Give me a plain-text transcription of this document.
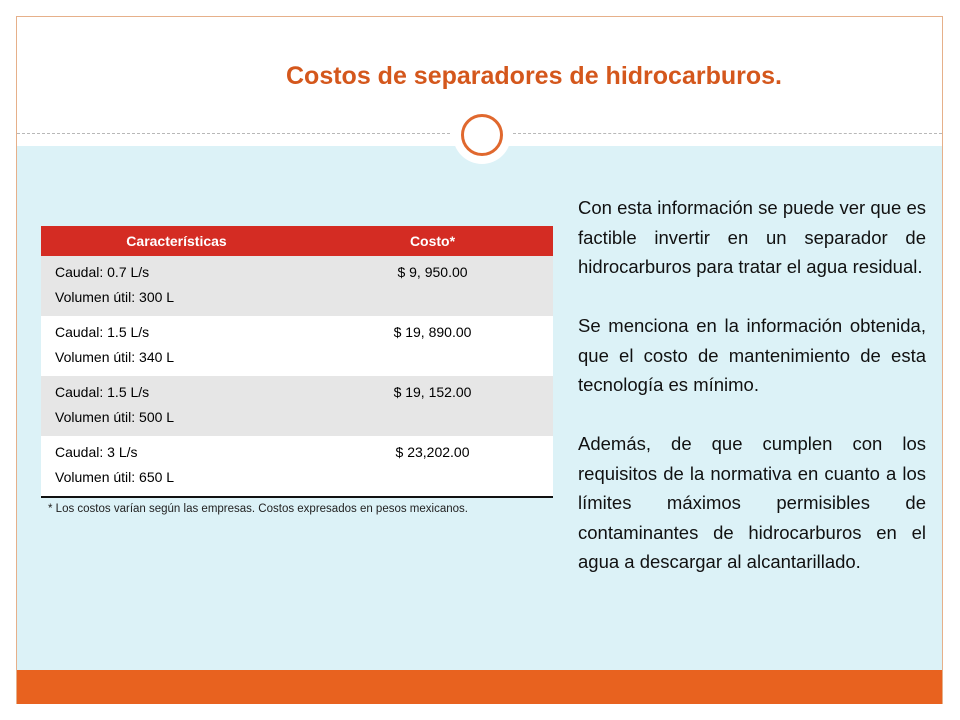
Costos de separadores de hidrocarburos.
Características	Costo*

Caudal: 0.7 L/s
Volumen útil: 300 L	$ 9, 950.00

Caudal: 1.5 L/s
Volumen útil: 340 L	$ 19, 890.00

Caudal: 1.5 L/s
Volumen útil: 500 L	$ 19, 152.00

Caudal: 3 L/s
Volumen útil: 650 L	$ 23,202.00
* Los costos varían según las empresas. Costos expresados en pesos mexicanos.

Con esta información se puede ver que es factible invertir en un separador de hidrocarburos para tratar el agua residual.

Se menciona en la información obtenida, que el costo de mantenimiento de esta tecnología es mínimo.

Además, de que cumplen con los requisitos de la normativa en cuanto a los límites máximos permisibles de contaminantes de hidrocarburos en el agua a descargar al alcantarillado.
